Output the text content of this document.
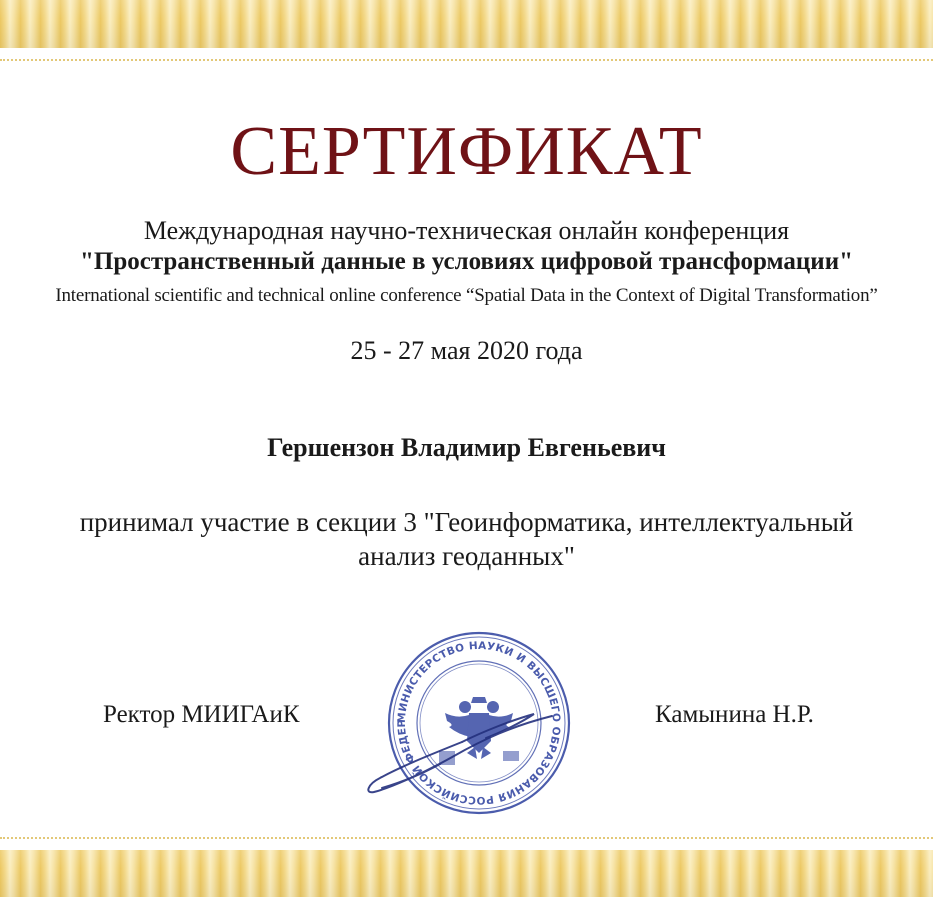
СЕРТИФИКАТ
Международная научно-техническая онлайн конференция
"Пространственный данные в условиях цифровой трансформации"
International scientific and technical online conference “Spatial Data in the Context of Digital Transformation”
25 - 27 мая 2020 года
Гершензон Владимир Евгеньевич
принимал участие в секции 3 "Геоинформатика, интеллектуальный
анализ геоданных"
Ректор МИИГАиК	Камынина Н.Р.
МИНИСТЕРСТВО НАУКИ И ВЫСШЕГО ОБРАЗОВАНИЯ РОССИЙСКОЙ ФЕДЕР
